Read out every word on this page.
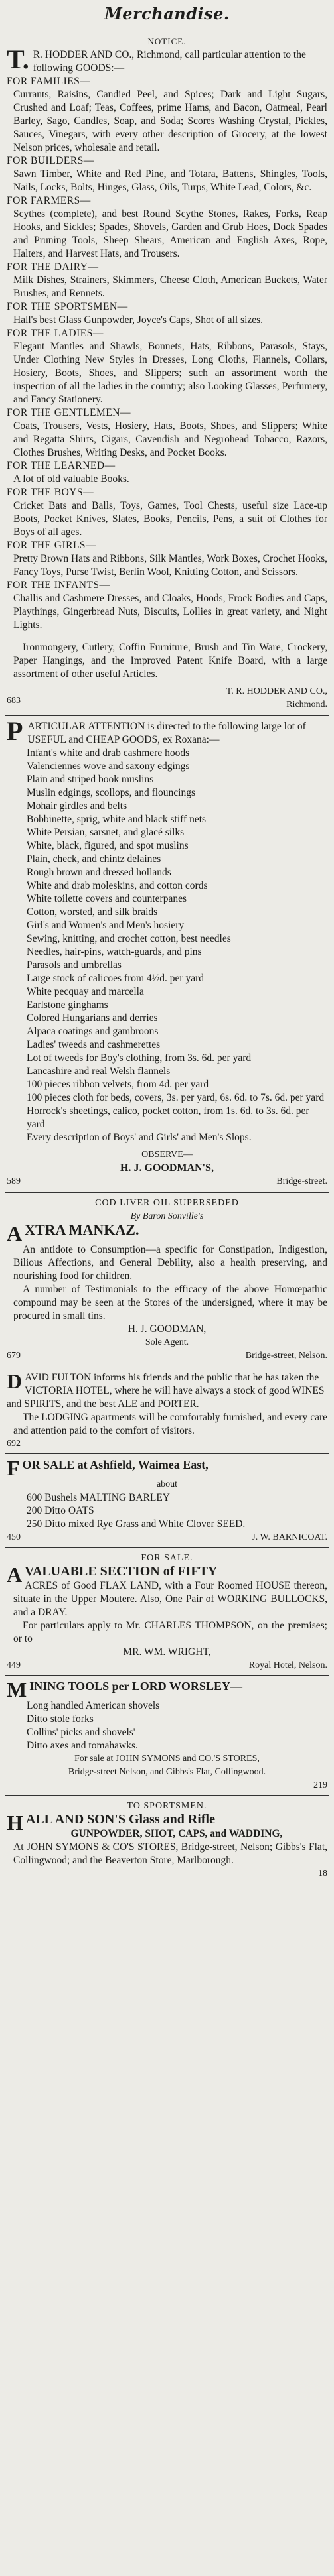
Merchandise.
NOTICE.

T. R. HODDER AND CO., Richmond, call particular attention to the following GOODS:—

FOR FAMILIES—

Currants, Raisins, Candied Peel, and Spices; Dark and Light Sugars, Crushed and Loaf; Teas, Coffees, prime Hams, and Bacon, Oatmeal, Pearl Barley, Sago, Candles, Soap, and Soda; Scores Washing Crystal, Pickles, Sauces, Vinegars, with every other description of Grocery, at the lowest Nelson prices, wholesale and retail.

FOR BUILDERS—

Sawn Timber, White and Red Pine, and Totara, Battens, Shingles, Tools, Nails, Locks, Bolts, Hinges, Glass, Oils, Turps, White Lead, Colors, &c.

FOR FARMERS—

Scythes (complete), and best Round Scythe Stones, Rakes, Forks, Reap Hooks, and Sickles; Spades, Shovels, Garden and Grub Hoes, Dock Spades and Pruning Tools, Sheep Shears, American and English Axes, Rope, Halters, and Harvest Hats, and Trousers.

FOR THE DAIRY—

Milk Dishes, Strainers, Skimmers, Cheese Cloth, American Buckets, Water Brushes, and Rennets.

FOR THE SPORTSMEN—

Hall's best Glass Gunpowder, Joyce's Caps, Shot of all sizes.

FOR THE LADIES—

Elegant Mantles and Shawls, Bonnets, Hats, Ribbons, Parasols, Stays, Under Clothing New Styles in Dresses, Long Cloths, Flannels, Collars, Hosiery, Boots, Shoes, and Slippers; such an assortment worth the inspection of all the ladies in the country; also Looking Glasses, Perfumery, and Fancy Stationery.

FOR THE GENTLEMEN—

Coats, Trousers, Vests, Hosiery, Hats, Boots, Shoes, and Slippers; White and Regatta Shirts, Cigars, Cavendish and Negrohead Tobacco, Razors, Clothes Brushes, Writing Desks, and Pocket Books.

FOR THE LEARNED—

A lot of old valuable Books.

FOR THE BOYS—

Cricket Bats and Balls, Toys, Games, Tool Chests, useful size Lace-up Boots, Pocket Knives, Slates, Books, Pencils, Pens, a suit of Clothes for Boys of all ages.

FOR THE GIRLS—

Pretty Brown Hats and Ribbons, Silk Mantles, Work Boxes, Crochet Hooks, Fancy Toys, Purse Twist, Berlin Wool, Knitting Cotton, and Scissors.

FOR THE INFANTS—

Challis and Cashmere Dresses, and Cloaks, Hoods, Frock Bodies and Caps, Playthings, Gingerbread Nuts, Biscuits, Lollies in great variety, and Night Lights.

Ironmongery, Cutlery, Coffin Furniture, Brush and Tin Ware, Crockery, Paper Hangings, and the Improved Patent Knife Board, with a large assortment of other useful Articles.

683
T. R. HODDER AND CO.,
Richmond.

P ARTICULAR ATTENTION is directed to the following large lot of USEFUL and CHEAP GOODS, ex Roxana:—

Infant's white and drab cashmere hoods

Valenciennes wove and saxony edgings

Plain and striped book muslins

Muslin edgings, scollops, and flouncings

Mohair girdles and belts

Bobbinette, sprig, white and black stiff nets

White Persian, sarsnet, and glacé silks

White, black, figured, and spot muslins

Plain, check, and chintz delaines

Rough brown and dressed hollands

White and drab moleskins, and cotton cords

White toilette covers and counterpanes

Cotton, worsted, and silk braids

Girl's and Women's and Men's hosiery

Sewing, knitting, and crochet cotton, best needles

Needles, hair-pins, watch-guards, and pins

Parasols and umbrellas

Large stock of calicoes from 4½d. per yard

White pecquay and marcella

Earlstone ginghams

Colored Hungarians and derries

Alpaca coatings and gambroons

Ladies' tweeds and cashmerettes

Lot of tweeds for Boy's clothing, from 3s. 6d. per yard

Lancashire and real Welsh flannels

100 pieces ribbon velvets, from 4d. per yard

100 pieces cloth for beds, covers, 3s. per yard, 6s. 6d. to 7s. 6d. per yard

Horrock's sheetings, calico, pocket cotton, from 1s. 6d. to 3s. 6d. per yard

Every description of Boys' and Girls' and Men's Slops.

OBSERVE—
H. J. GOODMAN'S,
589	Bridge-street.
COD LIVER OIL SUPERSEDED
By Baron Sonville's

A XTRA MANKAZ.

An antidote to Consumption—a specific for Constipation, Indigestion, Bilious Affections, and General Debility, also a health preserving, and nourishing food for children.

A number of Testimonials to the efficacy of the above Homœpathic compound may be seen at the Stores of the undersigned, where it may be procured in small tins.

H. J. GOODMAN,
Sole Agent.
679	Bridge-street, Nelson.

D AVID FULTON informs his friends and the public that he has taken the VICTORIA HOTEL, where he will have always a stock of good WINES and SPIRITS, and the best ALE and PORTER.

The LODGING apartments will be comfortably furnished, and every care and attention paid to the comfort of visitors.

692

F OR SALE at Ashfield, Waimea East,

about

600 Bushels MALTING BARLEY

200 Ditto OATS

250 Ditto mixed Rye Grass and White Clover SEED.

450	J. W. BARNICOAT.
FOR SALE.

A VALUABLE SECTION of FIFTY

ACRES of Good FLAX LAND, with a Four Roomed HOUSE thereon, situate in the Upper Moutere. Also, One Pair of WORKING BULLOCKS, and a DRAY.

For particulars apply to Mr. CHARLES THOMPSON, on the premises; or to

MR. WM. WRIGHT,
449	Royal Hotel, Nelson.

M INING TOOLS per LORD WORSLEY—

Long handled American shovels

Ditto stole forks

Collins' picks and shovels'

Ditto axes and tomahawks.

For sale at JOHN SYMONS and CO.'S STORES,
Bridge-street Nelson, and Gibbs's Flat, Collingwood.
219
TO SPORTSMEN.

H ALL AND SON'S Glass and Rifle

GUNPOWDER, SHOT, CAPS, and WADDING,

At JOHN SYMONS & CO'S STORES, Bridge-street, Nelson; Gibbs's Flat, Collingwood; and the Beaverton Store, Marlborough.

18
